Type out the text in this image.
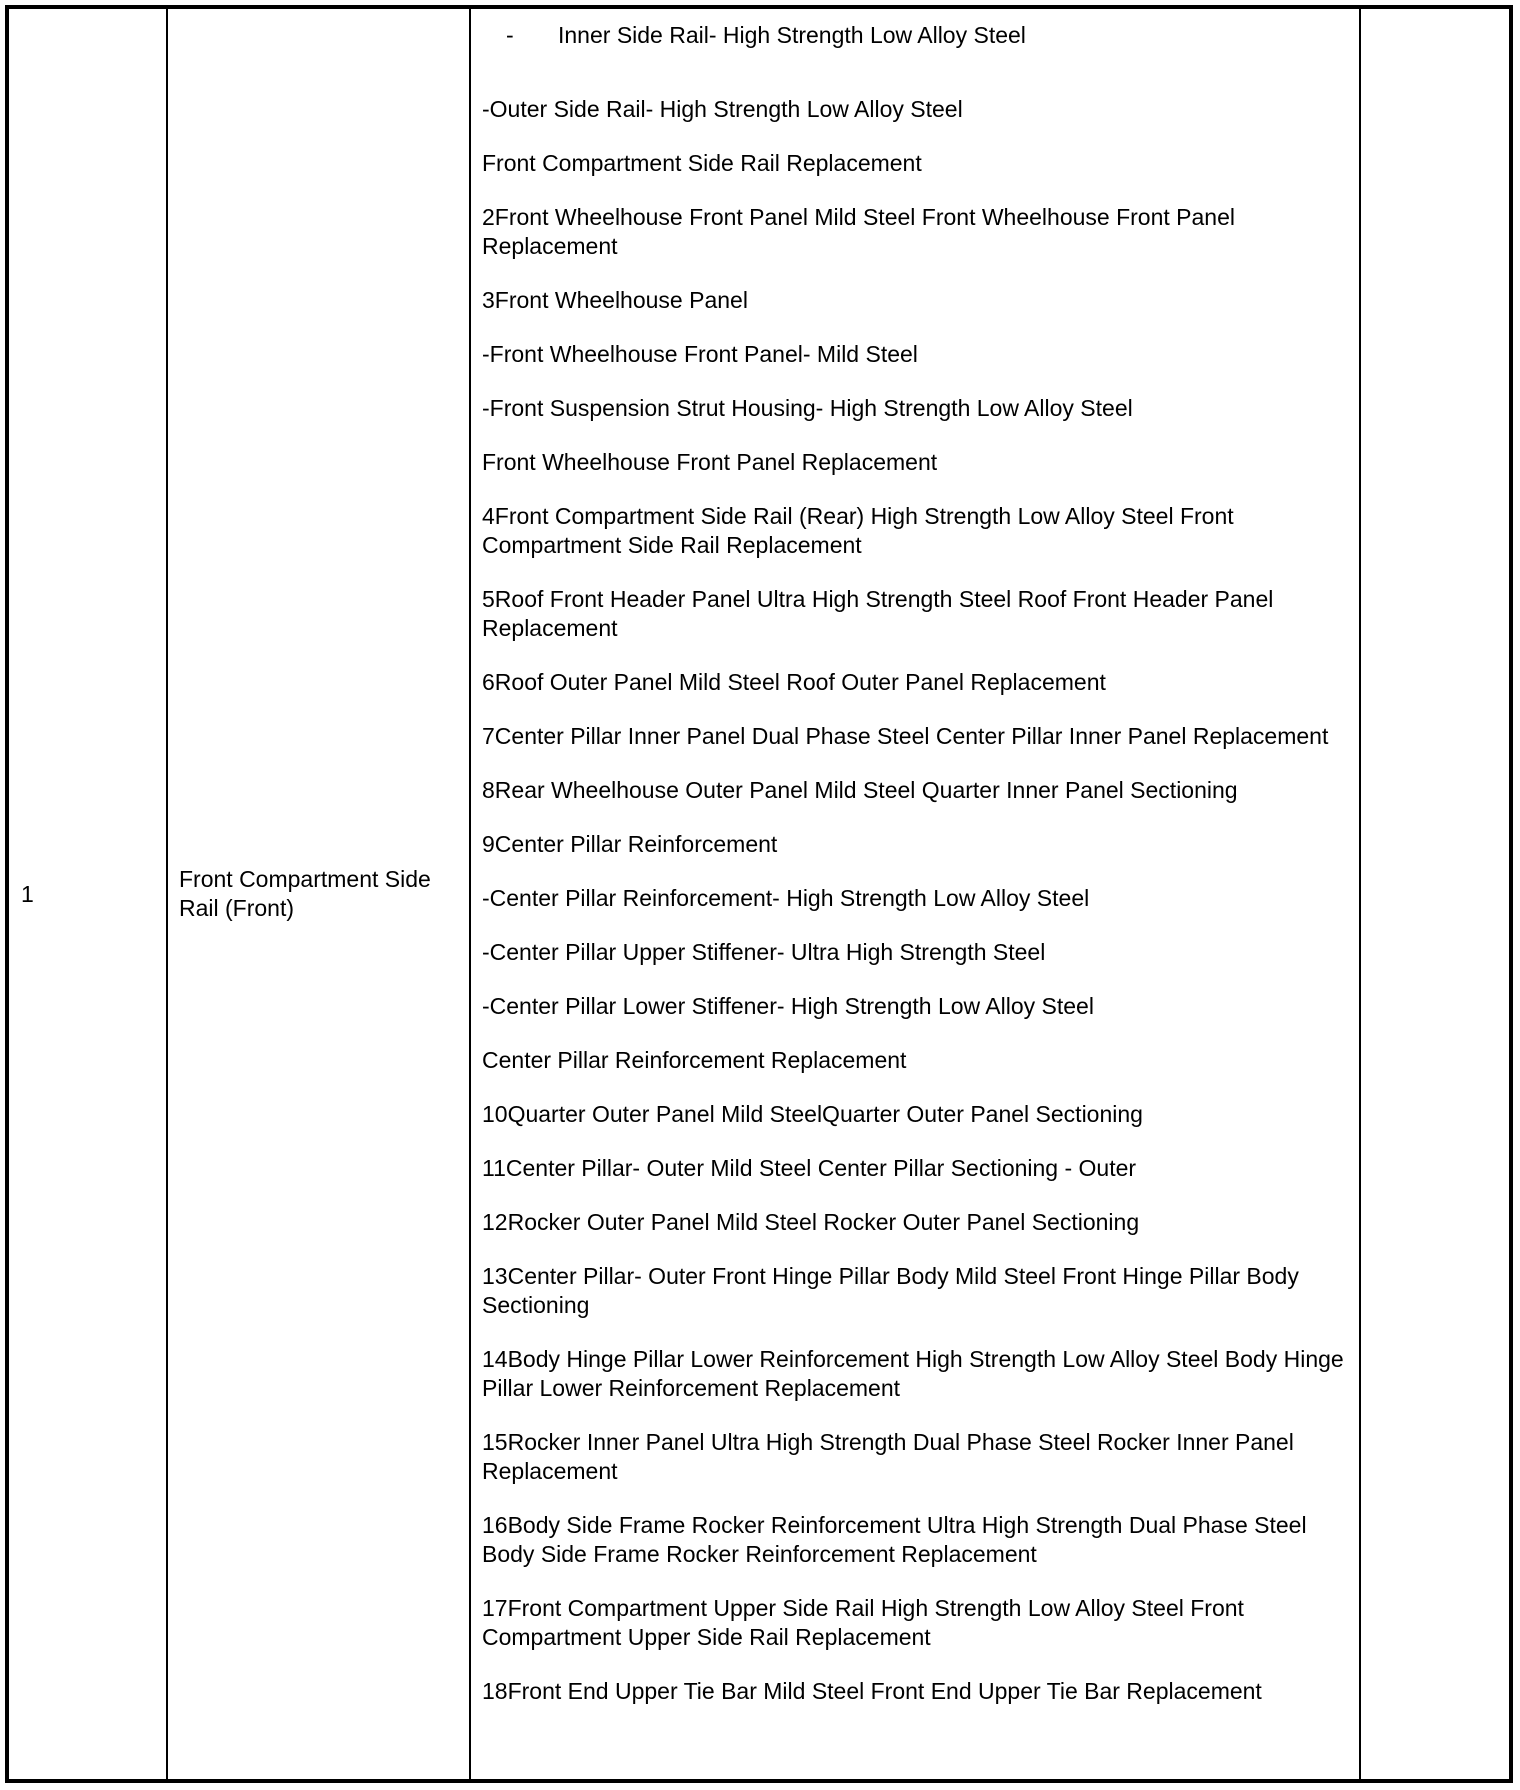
1	Front Compartment Side Rail (Front)	
- Inner Side Rail- High Strength Low Alloy Steel
-Outer Side Rail- High Strength Low Alloy Steel
Front Compartment Side Rail Replacement
2Front Wheelhouse Front Panel Mild Steel Front Wheelhouse Front Panel Replacement
3Front Wheelhouse Panel
-Front Wheelhouse Front Panel- Mild Steel
-Front Suspension Strut Housing- High Strength Low Alloy Steel
Front Wheelhouse Front Panel Replacement
4Front Compartment Side Rail (Rear) High Strength Low Alloy Steel Front Compartment Side Rail Replacement
5Roof Front Header Panel Ultra High Strength Steel Roof Front Header Panel Replacement
6Roof Outer Panel Mild Steel Roof Outer Panel Replacement
7Center Pillar Inner Panel Dual Phase Steel Center Pillar Inner Panel Replacement
8Rear Wheelhouse Outer Panel Mild Steel Quarter Inner Panel Sectioning
9Center Pillar Reinforcement
-Center Pillar Reinforcement- High Strength Low Alloy Steel
-Center Pillar Upper Stiffener- Ultra High Strength Steel
-Center Pillar Lower Stiffener- High Strength Low Alloy Steel
Center Pillar Reinforcement Replacement
10Quarter Outer Panel Mild SteelQuarter Outer Panel Sectioning
11Center Pillar- Outer Mild Steel Center Pillar Sectioning - Outer
12Rocker Outer Panel Mild Steel Rocker Outer Panel Sectioning
13Center Pillar- Outer Front Hinge Pillar Body Mild Steel Front Hinge Pillar Body Sectioning
14Body Hinge Pillar Lower Reinforcement High Strength Low Alloy Steel Body Hinge Pillar Lower Reinforcement Replacement
15Rocker Inner Panel Ultra High Strength Dual Phase Steel Rocker Inner Panel Replacement
16Body Side Frame Rocker Reinforcement Ultra High Strength Dual Phase Steel Body Side Frame Rocker Reinforcement Replacement
17Front Compartment Upper Side Rail High Strength Low Alloy Steel Front Compartment Upper Side Rail Replacement
18Front End Upper Tie Bar Mild Steel Front End Upper Tie Bar Replacement
